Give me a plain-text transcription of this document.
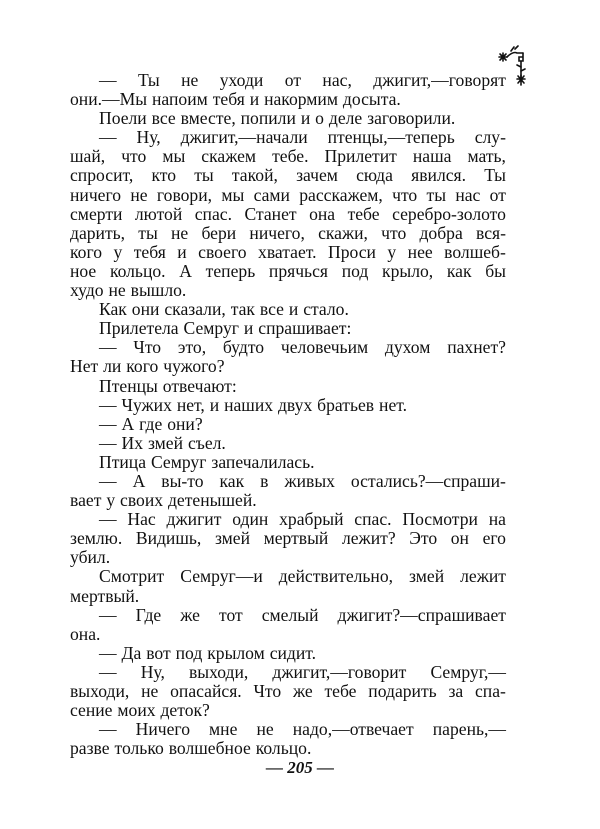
— Ты не уходи от нас, джигит,—говорят
они.—Мы напоим тебя и накормим досыта.
Поели все вместе, попили и о деле заговорили.
— Ну, джигит,—начали птенцы,—теперь слу-
шай, что мы скажем тебе. Прилетит наша мать,
спросит, кто ты такой, зачем сюда явился. Ты
ничего не говори, мы сами расскажем, что ты нас от
смерти лютой спас. Станет она тебе серебро-золото
дарить, ты не бери ничего, скажи, что добра вся-
кого у тебя и своего хватает. Проси у нее волшеб-
ное кольцо. А теперь прячься под крыло, как бы
худо не вышло.
Как они сказали, так все и стало.
Прилетела Семруг и спрашивает:
— Что это, будто человечьим духом пахнет?
Нет ли кого чужого?
Птенцы отвечают:
— Чужих нет, и наших двух братьев нет.
— А где они?
— Их змей съел.
Птица Семруг запечалилась.
— А вы-то как в живых остались?—спраши-
вает у своих детенышей.
— Нас джигит один храбрый спас. Посмотри на
землю. Видишь, змей мертвый лежит? Это он его
убил.
Смотрит Семруг—и действительно, змей лежит
мертвый.
— Где же тот смелый джигит?—спрашивает
она.
— Да вот под крылом сидит.
— Ну, выходи, джигит,—говорит Семруг,—
выходи, не опасайся. Что же тебе подарить за спа-
сение моих деток?
— Ничего мне не надо,—отвечает парень,—
разве только волшебное кольцо.
— 205 —
